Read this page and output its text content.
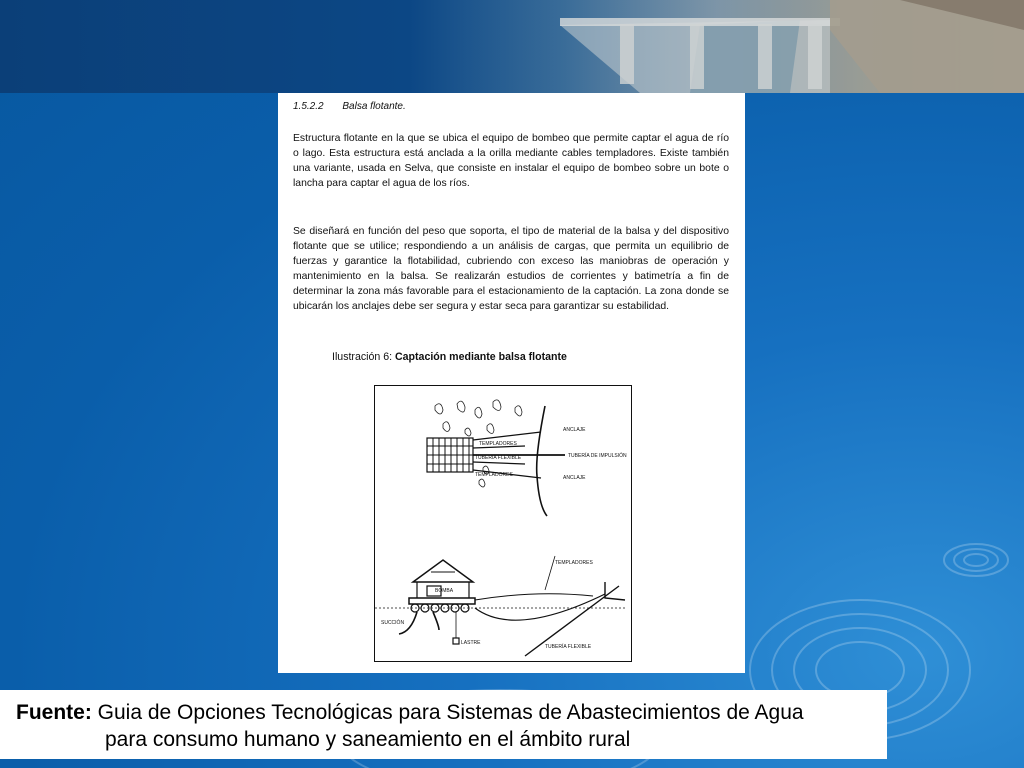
1.5.2.2 Balsa flotante.

Estructura flotante en la que se ubica el equipo de bombeo que permite captar el agua de río o lago. Esta estructura está anclada a la orilla mediante cables templadores. Existe también una variante, usada en Selva, que consiste en instalar el equipo de bombeo sobre un bote o lancha para captar el agua de los ríos.

Se diseñará en función del peso que soporta, el tipo de material de la balsa y del dispositivo flotante que se utilice; respondiendo a un análisis de cargas, que permita un equilibrio de fuerzas y garantice la flotabilidad, cubriendo con exceso las maniobras de operación y mantenimiento en la balsa. Se realizarán estudios de corrientes y batimetría a fin de determinar la zona más favorable para el estacionamiento de la captación. La zona donde se ubicarán los anclajes debe ser segura y estar seca para garantizar su estabilidad.

Ilustración 6: Captación mediante balsa flotante
ANCLAJE
TEMPLADORES
TUBERÍA DE IMPULSIÓN
TUBERIA FLEXIBLE
TEMPLADORES	ANCLAJE
TEMPLADORES
BOMBA
SUCCIÓN
LASTRE
TUBERÍA FLEXIBLE
Fuente: Guia de Opciones Tecnológicas para Sistemas de Abastecimientos de Agua
para consumo humano y saneamiento en el ámbito rural
